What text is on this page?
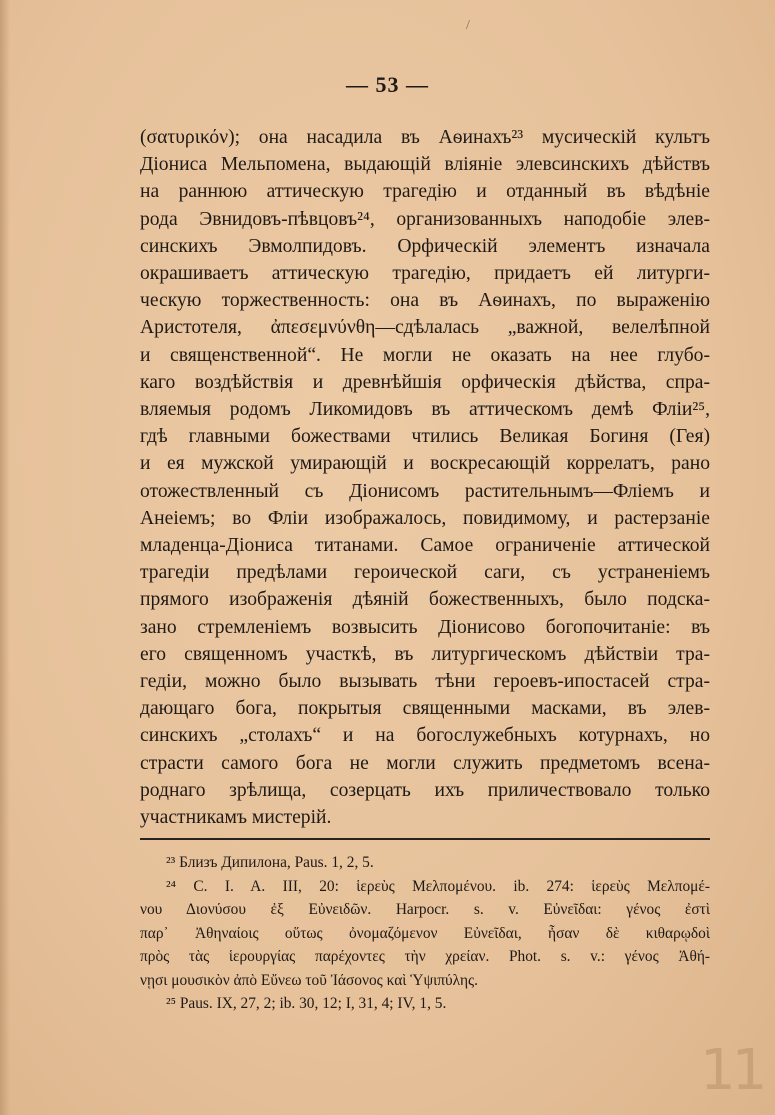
/
— 53 —
(σατυρικόν); она насадила въ Аѳинахъ²³ мусическій культъ
Діониса Мельпомена, выдающій вліяніе элевсинскихъ дѣйствъ
на раннюю аттическую трагедію и отданный въ вѣдѣніе
рода Эвнидовъ-пѣвцовъ²⁴, организованныхъ наподобіе элев-
синскихъ Эвмолпидовъ. Орфическій элементъ изначала
окрашиваетъ аттическую трагедію, придаетъ ей литурги-
ческую торжественность: она въ Аѳинахъ, по выраженію
Аристотеля, ἀπεσεμνύνθη—сдѣлалась „важной, велелѣпной
и священственной“. Не могли не оказать на нее глубо-
каго воздѣйствія и древнѣйшія орфическія дѣйства, спра-
вляемыя родомъ Ликомидовъ въ аттическомъ демѣ Фліи²⁵,
гдѣ главными божествами чтились Великая Богиня (Гея)
и ея мужской умирающій и воскресающій коррелатъ, рано
отожествленный съ Діонисомъ растительнымъ—Фліемъ и
Анеіемъ; во Фліи изображалось, повидимому, и растерзаніе
младенца-Діониса титанами. Самое ограниченіе аттической
трагедіи предѣлами героической саги, съ устраненіемъ
прямого изображенія дѣяній божественныхъ, было подска-
зано стремленіемъ возвысить Діонисово богопочитаніе: въ
его священномъ участкѣ, въ литургическомъ дѣйствіи тра-
гедіи, можно было вызывать тѣни героевъ-ипостасей стра-
дающаго бога, покрытыя священными масками, въ элев-
синскихъ „столахъ“ и на богослужебныхъ котурнахъ, но
страсти самого бога не могли служить предметомъ всена-
роднаго зрѣлища, созерцать ихъ приличествовало только
участникамъ мистерій.
²³ Близъ Дипилона, Paus. 1, 2, 5.
²⁴ C. I. A. III, 20: ἱερεὺς Μελπομένου. ib. 274: ἱερεὺς Μελπομέ-
νου Διονύσου ἐξ Εὐνειδῶν. Harpocr. s. v. Εὐνεῖδαι: γένος ἐστὶ
παρ᾽ Ἀθηναίοις οὕτως ὀνομαζόμενον Εὐνεῖδαι, ἦσαν δὲ κιθαρῳδοὶ
πρὸς τὰς ἱερουργίας παρέχοντες τὴν χρείαν. Phot. s. v.: γένος Ἀθή-
νῃσι μουσικὸν ἀπὸ Εὔνεω τοῦ Ἰάσονος καὶ Ὑψιπύλης.
²⁵ Paus. IX, 27, 2; ib. 30, 12; I, 31, 4; IV, 1, 5.
11
